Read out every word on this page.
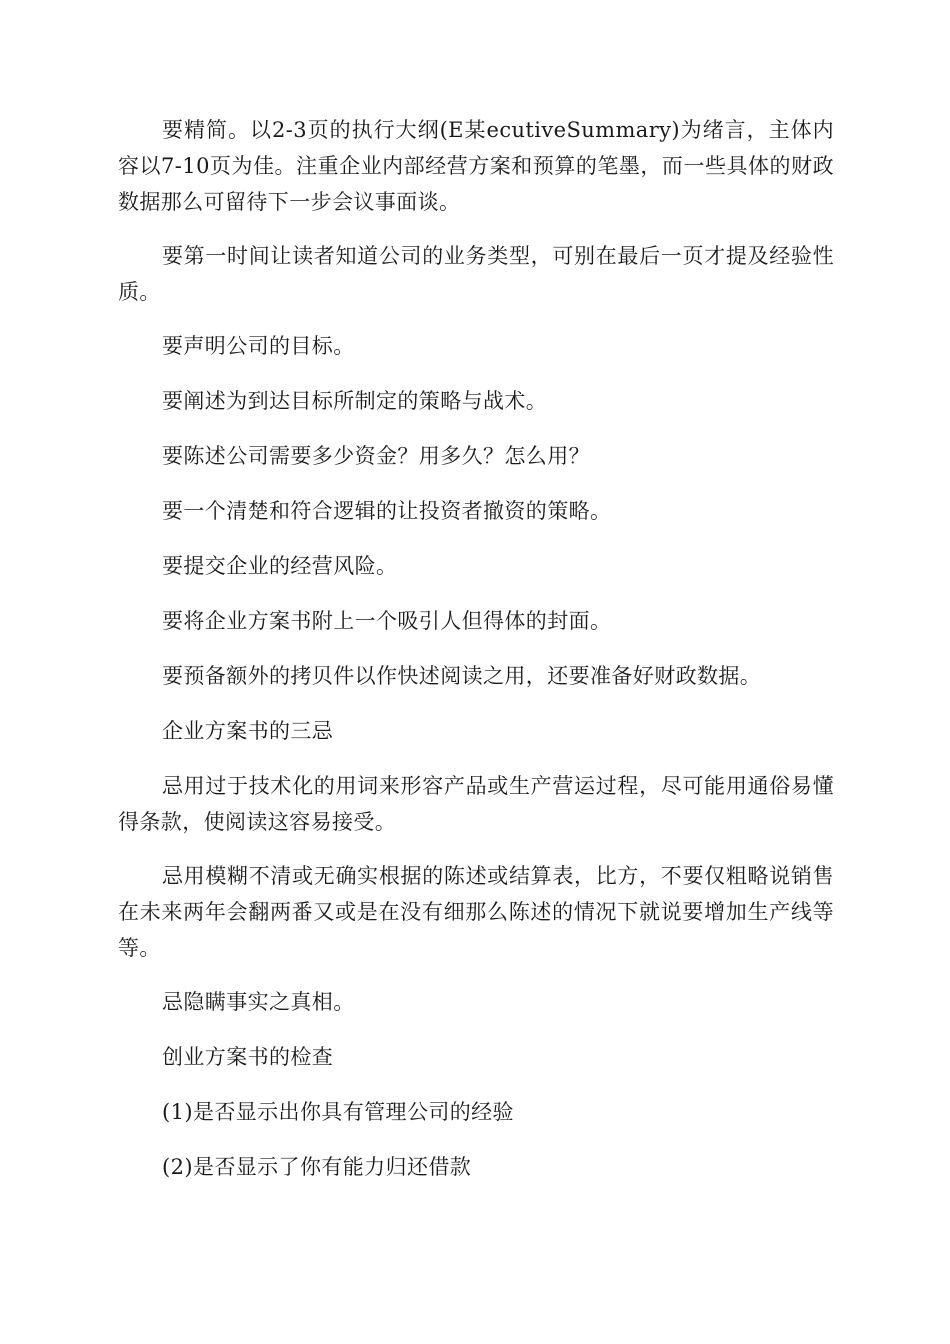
要精简。以2-3页的执行大纲(E某ecutiveSummary)为绪言，主体内容以7-10页为佳。注重企业内部经营方案和预算的笔墨，而一些具体的财政数据那么可留待下一步会议事面谈。

要第一时间让读者知道公司的业务类型，可别在最后一页才提及经验性质。

要声明公司的目标。

要阐述为到达目标所制定的策略与战术。

要陈述公司需要多少资金？用多久？怎么用？

要一个清楚和符合逻辑的让投资者撤资的策略。

要提交企业的经营风险。

要将企业方案书附上一个吸引人但得体的封面。

要预备额外的拷贝件以作快述阅读之用，还要准备好财政数据。

企业方案书的三忌

忌用过于技术化的用词来形容产品或生产营运过程，尽可能用通俗易懂得条款，使阅读这容易接受。

忌用模糊不清或无确实根据的陈述或结算表，比方，不要仅粗略说销售在未来两年会翻两番又或是在没有细那么陈述的情况下就说要增加生产线等等。

忌隐瞒事实之真相。

创业方案书的检查

(1)是否显示出你具有管理公司的经验

(2)是否显示了你有能力归还借款
